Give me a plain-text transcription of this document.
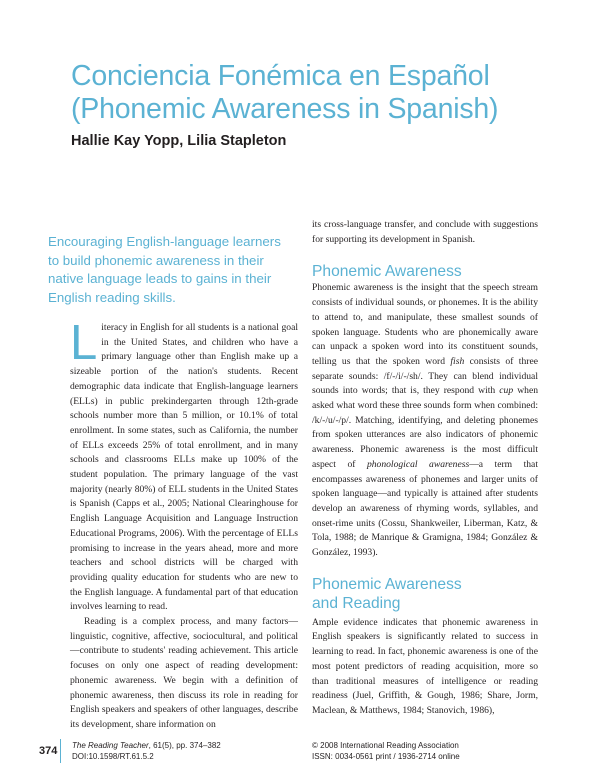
Conciencia Fonémica en Español
(Phonemic Awareness in Spanish)
Hallie Kay Yopp, Lilia Stapleton

Encouraging English-language learners to build phonemic awareness in their native language leads to gains in their English reading skills.

Literacy in English for all students is a national goal in the United States, and children who have a primary language other than English make up a sizeable portion of the nation's students. Recent demographic data indicate that English-language learners (ELLs) in public prekindergarten through 12th-grade schools number more than 5 million, or 10.1% of total enrollment. In some states, such as California, the number of ELLs exceeds 25% of total enrollment, and in many schools and classrooms ELLs make up 100% of the student population. The primary language of the vast majority (nearly 80%) of ELL students in the United States is Spanish (Capps et al., 2005; National Clearinghouse for English Language Acquisition and Language Instruction Educational Programs, 2006). With the percentage of ELLs promising to increase in the years ahead, more and more teachers and school districts will be charged with providing quality education for students who are new to the English language. A fundamental part of that education involves learning to read.

Reading is a complex process, and many factors—linguistic, cognitive, affective, sociocultural, and political—contribute to students' reading achievement. This article focuses on only one aspect of reading development: phonemic awareness. We begin with a definition of phonemic awareness, then discuss its role in reading for English speakers and speakers of other languages, describe its development, share information on

its cross-language transfer, and conclude with suggestions for supporting its development in Spanish.

Phonemic Awareness

Phonemic awareness is the insight that the speech stream consists of individual sounds, or phonemes. It is the ability to attend to, and manipulate, these smallest sounds of spoken language. Students who are phonemically aware can unpack a spoken word into its constituent sounds, telling us that the spoken word fish consists of three separate sounds: /f/-/i/-/sh/. They can blend individual sounds into words; that is, they respond with cup when asked what word these three sounds form when combined: /k/-/u/-/p/. Matching, identifying, and deleting phonemes from spoken utterances are also indicators of phonemic awareness. Phonemic awareness is the most difficult aspect of phonological awareness—a term that encompasses awareness of phonemes and larger units of spoken language—and typically is attained after students develop an awareness of rhyming words, syllables, and onset-rime units (Cossu, Shankweiler, Liberman, Katz, & Tola, 1988; de Manrique & Gramigna, 1984; González & González, 1993).

Phonemic Awareness
and Reading

Ample evidence indicates that phonemic awareness in English speakers is significantly related to success in learning to read. In fact, phonemic awareness is one of the most potent predictors of reading acquisition, more so than traditional measures of intelligence or reading readiness (Juel, Griffith, & Gough, 1986; Share, Jorm, Maclean, & Matthews, 1984; Stanovich, 1986),

374 The Reading Teacher, 61(5), pp. 374–382
DOI:10.1598/RT.61.5.2
© 2008 International Reading Association
ISSN: 0034-0561 print / 1936-2714 online
